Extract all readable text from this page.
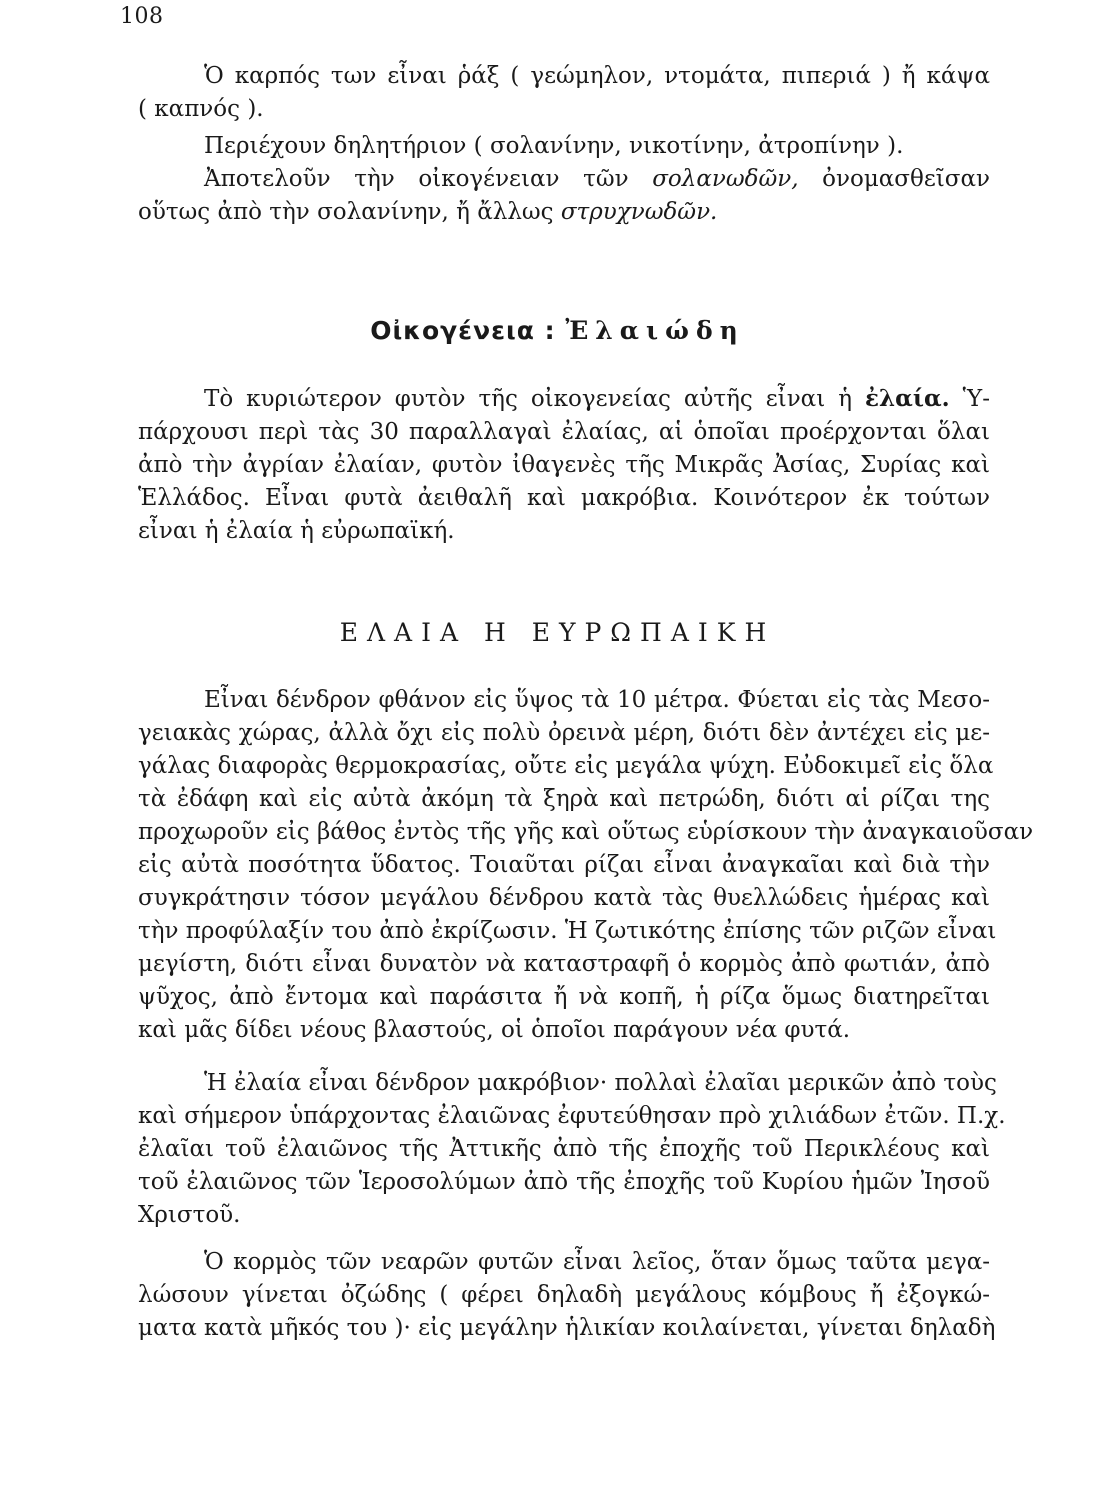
108

Ὁ καρπός των εἶναι ῥάξ ( γεώμηλον, ντομάτα, πιπεριά ) ἤ κάψα

( καπνός ).

Περιέχουν δηλητήριον ( σολανίνην, νικοτίνην, ἀτροπίνην ).

Ἀποτελοῦν τὴν οἰκογένειαν τῶν σολανωδῶν, ὀνομασθεῖσαν

οὕτως ἀπὸ τὴν σολανίνην, ἤ ἄλλως στρυχνωδῶν.

Οἰκογένεια : Ἐλαιώδη

Τὸ κυριώτερον φυτὸν τῆς οἰκογενείας αὐτῆς εἶναι ἡ ἐλαία. Ὑ-

πάρχουσι περὶ τὰς 30 παραλλαγαὶ ἐλαίας, αἱ ὁποῖαι προέρχονται ὅλαι

ἀπὸ τὴν ἀγρίαν ἐλαίαν, φυτὸν ἰθαγενὲς τῆς Μικρᾶς Ἀσίας, Συρίας καὶ

Ἑλλάδος. Εἶναι φυτὰ ἀειθαλῆ καὶ μακρόβια. Κοινότερον ἐκ τούτων

εἶναι ἡ ἐλαία ἡ εὐρωπαϊκή.

ΕΛΑΙΑ Η ΕΥΡΩΠΑΙΚΗ

Εἶναι δένδρον φθάνον εἰς ὕψος τὰ 10 μέτρα. Φύεται εἰς τὰς Μεσο-

γειακὰς χώρας, ἀλλὰ ὄχι εἰς πολὺ ὀρεινὰ μέρη, διότι δὲν ἀντέχει εἰς με-

γάλας διαφορὰς θερμοκρασίας, οὔτε εἰς μεγάλα ψύχη. Εὐδοκιμεῖ εἰς ὅλα

τὰ ἐδάφη καὶ εἰς αὐτὰ ἀκόμη τὰ ξηρὰ καὶ πετρώδη, διότι αἱ ρίζαι της

προχωροῦν εἰς βάθος ἐντὸς τῆς γῆς καὶ οὕτως εὑρίσκουν τὴν ἀναγκαιοῦσαν

εἰς αὐτὰ ποσότητα ὕδατος. Τοιαῦται ρίζαι εἶναι ἀναγκαῖαι καὶ διὰ τὴν

συγκράτησιν τόσον μεγάλου δένδρου κατὰ τὰς θυελλώδεις ἡμέρας καὶ

τὴν προφύλαξίν του ἀπὸ ἐκρίζωσιν. Ἡ ζωτικότης ἐπίσης τῶν ριζῶν εἶναι

μεγίστη, διότι εἶναι δυνατὸν νὰ καταστραφῆ ὁ κορμὸς ἀπὸ φωτιάν, ἀπὸ

ψῦχος, ἀπὸ ἔντομα καὶ παράσιτα ἤ νὰ κοπῆ, ἡ ρίζα ὅμως διατηρεῖται

καὶ μᾶς δίδει νέους βλαστούς, οἱ ὁποῖοι παράγουν νέα φυτά.

Ἡ ἐλαία εἶναι δένδρον μακρόβιον· πολλαὶ ἐλαῖαι μερικῶν ἀπὸ τοὺς

καὶ σήμερον ὑπάρχοντας ἐλαιῶνας ἐφυτεύθησαν πρὸ χιλιάδων ἐτῶν. Π.χ.

ἐλαῖαι τοῦ ἐλαιῶνος τῆς Ἀττικῆς ἀπὸ τῆς ἐποχῆς τοῦ Περικλέους καὶ

τοῦ ἐλαιῶνος τῶν Ἱεροσολύμων ἀπὸ τῆς ἐποχῆς τοῦ Κυρίου ἡμῶν Ἰησοῦ

Χριστοῦ.

Ὁ κορμὸς τῶν νεαρῶν φυτῶν εἶναι λεῖος, ὅταν ὅμως ταῦτα μεγα-

λώσουν γίνεται ὀζώδης ( φέρει δηλαδὴ μεγάλους κόμβους ἤ ἐξογκώ-

ματα κατὰ μῆκός του )· εἰς μεγάλην ἡλικίαν κοιλαίνεται, γίνεται δηλαδὴ
